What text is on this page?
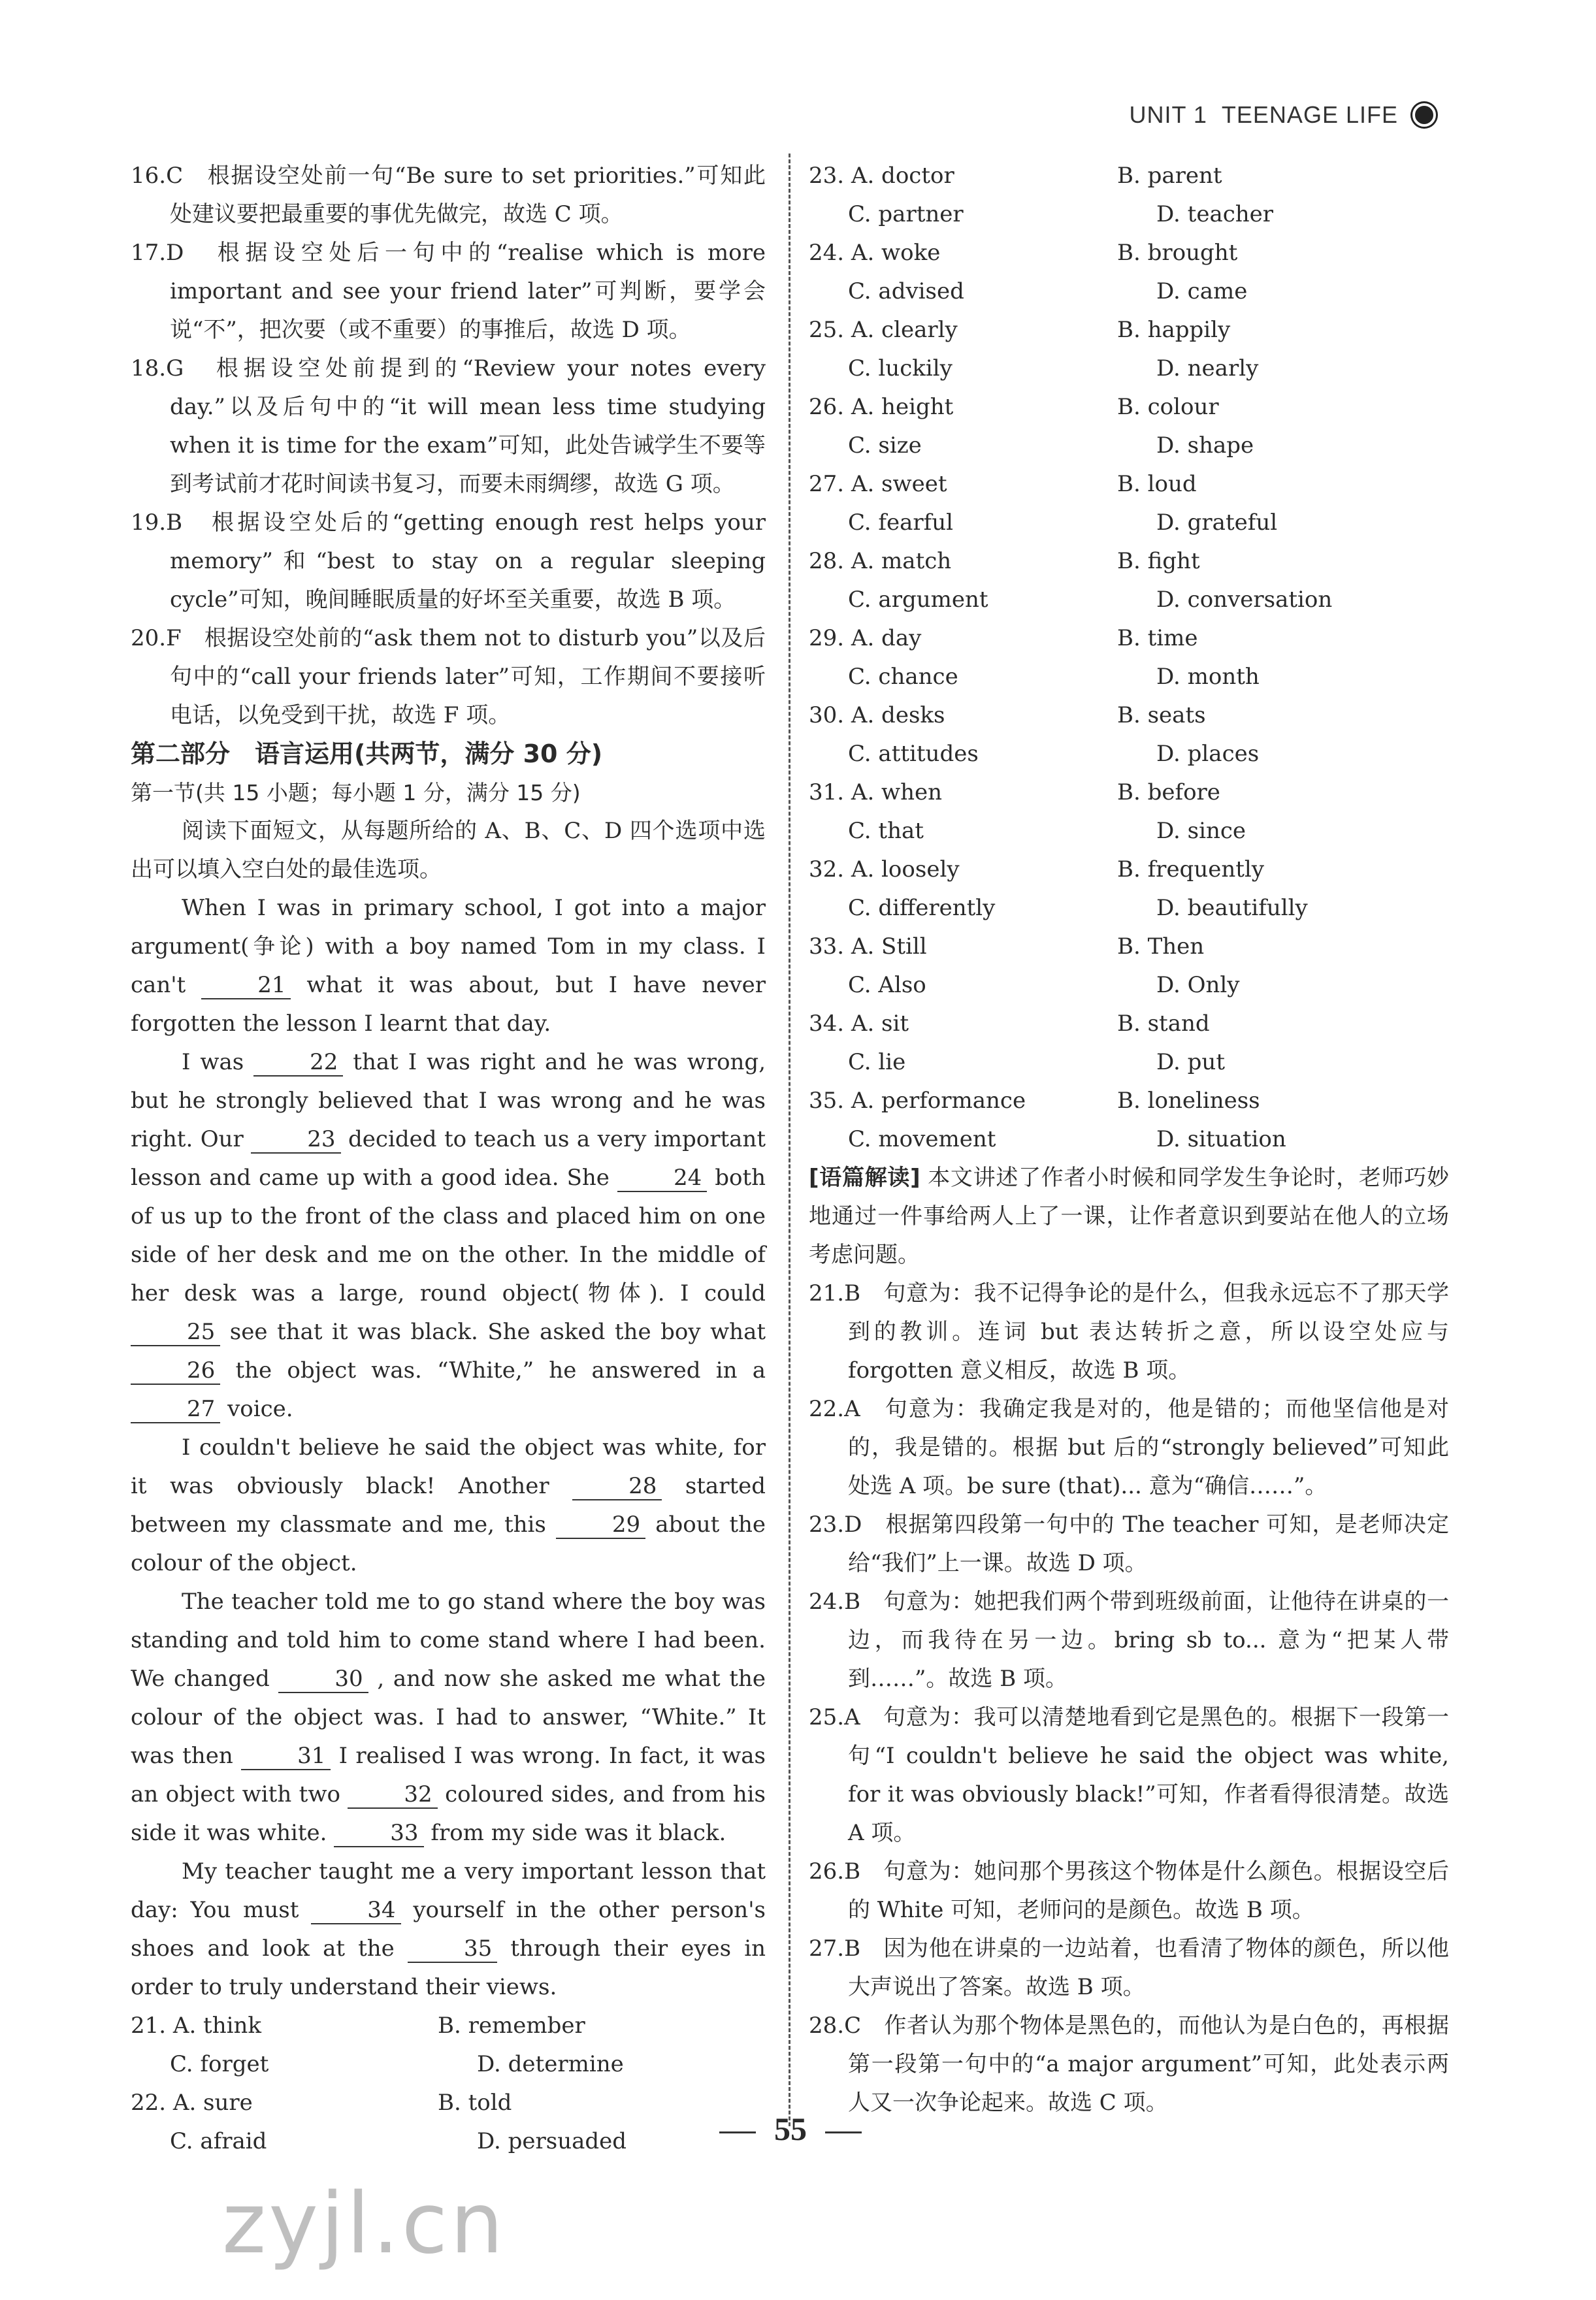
UNIT 1 TEENAGE LIFE

16.C　 根据设空处前一句“Be sure to set priorities.”可知此处建议要把最重要的事优先做完，故选 C 项。

17.D　 根据设空处后一句中的“realise which is more important and see your friend later”可判断，要学会说“不”，把次要（或不重要）的事推后，故选 D 项。

18.G　 根据设空处前提到的“Review your notes every day.”以及后句中的“it will mean less time studying when it is time for the exam”可知，此处告诫学生不要等到考试前才花时间读书复习，而要未雨绸缪，故选 G 项。

19.B　 根据设空处后的“getting enough rest helps your memory”和“best to stay on a regular sleeping cycle”可知，晚间睡眠质量的好坏至关重要，故选 B 项。

20.F　 根据设空处前的“ask them not to disturb you”以及后句中的“call your friends later”可知，工作期间不要接听电话，以免受到干扰，故选 F 项。

第二部分　语言运用(共两节，满分 30 分)
第一节(共 15 小题；每小题 1 分，满分 15 分)

阅读下面短文，从每题所给的 A、B、C、D 四个选项中选出可以填入空白处的最佳选项。

When I was in primary school, I got into a major argument(争论) with a boy named Tom in my class. I can't	21 what it was about, but I have never forgotten the lesson I learnt that day.

I was	22 that I was right and he was wrong, but he strongly believed that I was wrong and he was right. Our	23 decided to teach us a very important lesson and came up with a good idea. She	24 both of us up to the front of the class and placed him on one side of her desk and me on the other. In the middle of her desk was a large, round object(物体). I could 25 see that it was black. She asked the boy what 26 the object was. “White,” he answered in a 27 voice.

I couldn't believe he said the object was white, for it was obviously black! Another	28 started between my classmate and me, this	29 about the colour of the object.

The teacher told me to go stand where the boy was standing and told him to come stand where I had been. We changed	30 , and now she asked me what the colour of the object was. I had to answer, “White.” It was then	31 I realised I was wrong. In fact, it was an object with two	32 coloured sides, and from his side it was white.	33 from my side was it black.

My teacher taught me a very important lesson that day: You must	34 yourself in the other person's shoes and look at the	35 through their eyes in order to truly understand their views.

21. A. think	B. remember
C. forget	D. determine
22. A. sure	B. told
C. afraid	D. persuaded
23. A. doctor	B. parent
C. partner	D. teacher
24. A. woke	B. brought
C. advised	D. came
25. A. clearly	B. happily
C. luckily	D. nearly
26. A. height	B. colour
C. size	D. shape
27. A. sweet	B. loud
C. fearful	D. grateful
28. A. match	B. fight
C. argument	D. conversation
29. A. day	B. time
C. chance	D. month
30. A. desks	B. seats
C. attitudes	D. places
31. A. when	B. before
C. that	D. since
32. A. loosely	B. frequently
C. differently	D. beautifully
33. A. Still	B. Then
C. Also	D. Only
34. A. sit	B. stand
C. lie	D. put
35. A. performance	B. loneliness
C. movement	D. situation

[语篇解读] 本文讲述了作者小时候和同学发生争论时，老师巧妙地通过一件事给两人上了一课，让作者意识到要站在他人的立场考虑问题。

21.B　 句意为：我不记得争论的是什么，但我永远忘不了那天学到的教训。连词 but 表达转折之意，所以设空处应与 forgotten 意义相反，故选 B 项。

22.A　 句意为：我确定我是对的，他是错的；而他坚信他是对的，我是错的。根据 but 后的“strongly believed”可知此处选 A 项。be sure (that)... 意为“确信……”。

23.D　 根据第四段第一句中的 The teacher 可知，是老师决定给“我们”上一课。故选 D 项。

24.B　 句意为：她把我们两个带到班级前面，让他待在讲桌的一边，而我待在另一边。bring sb to... 意为“把某人带到……”。故选 B 项。

25.A　 句意为：我可以清楚地看到它是黑色的。根据下一段第一句“I couldn't believe he said the object was white, for it was obviously black!”可知，作者看得很清楚。故选 A 项。

26.B　 句意为：她问那个男孩这个物体是什么颜色。根据设空后的 White 可知，老师问的是颜色。故选 B 项。

27.B　 因为他在讲桌的一边站着，也看清了物体的颜色，所以他大声说出了答案。故选 B 项。

28.C　 作者认为那个物体是黑色的，而他认为是白色的，再根据第一段第一句中的“a major argument”可知，此处表示两人又一次争论起来。故选 C 项。

55
zyjl.cn
